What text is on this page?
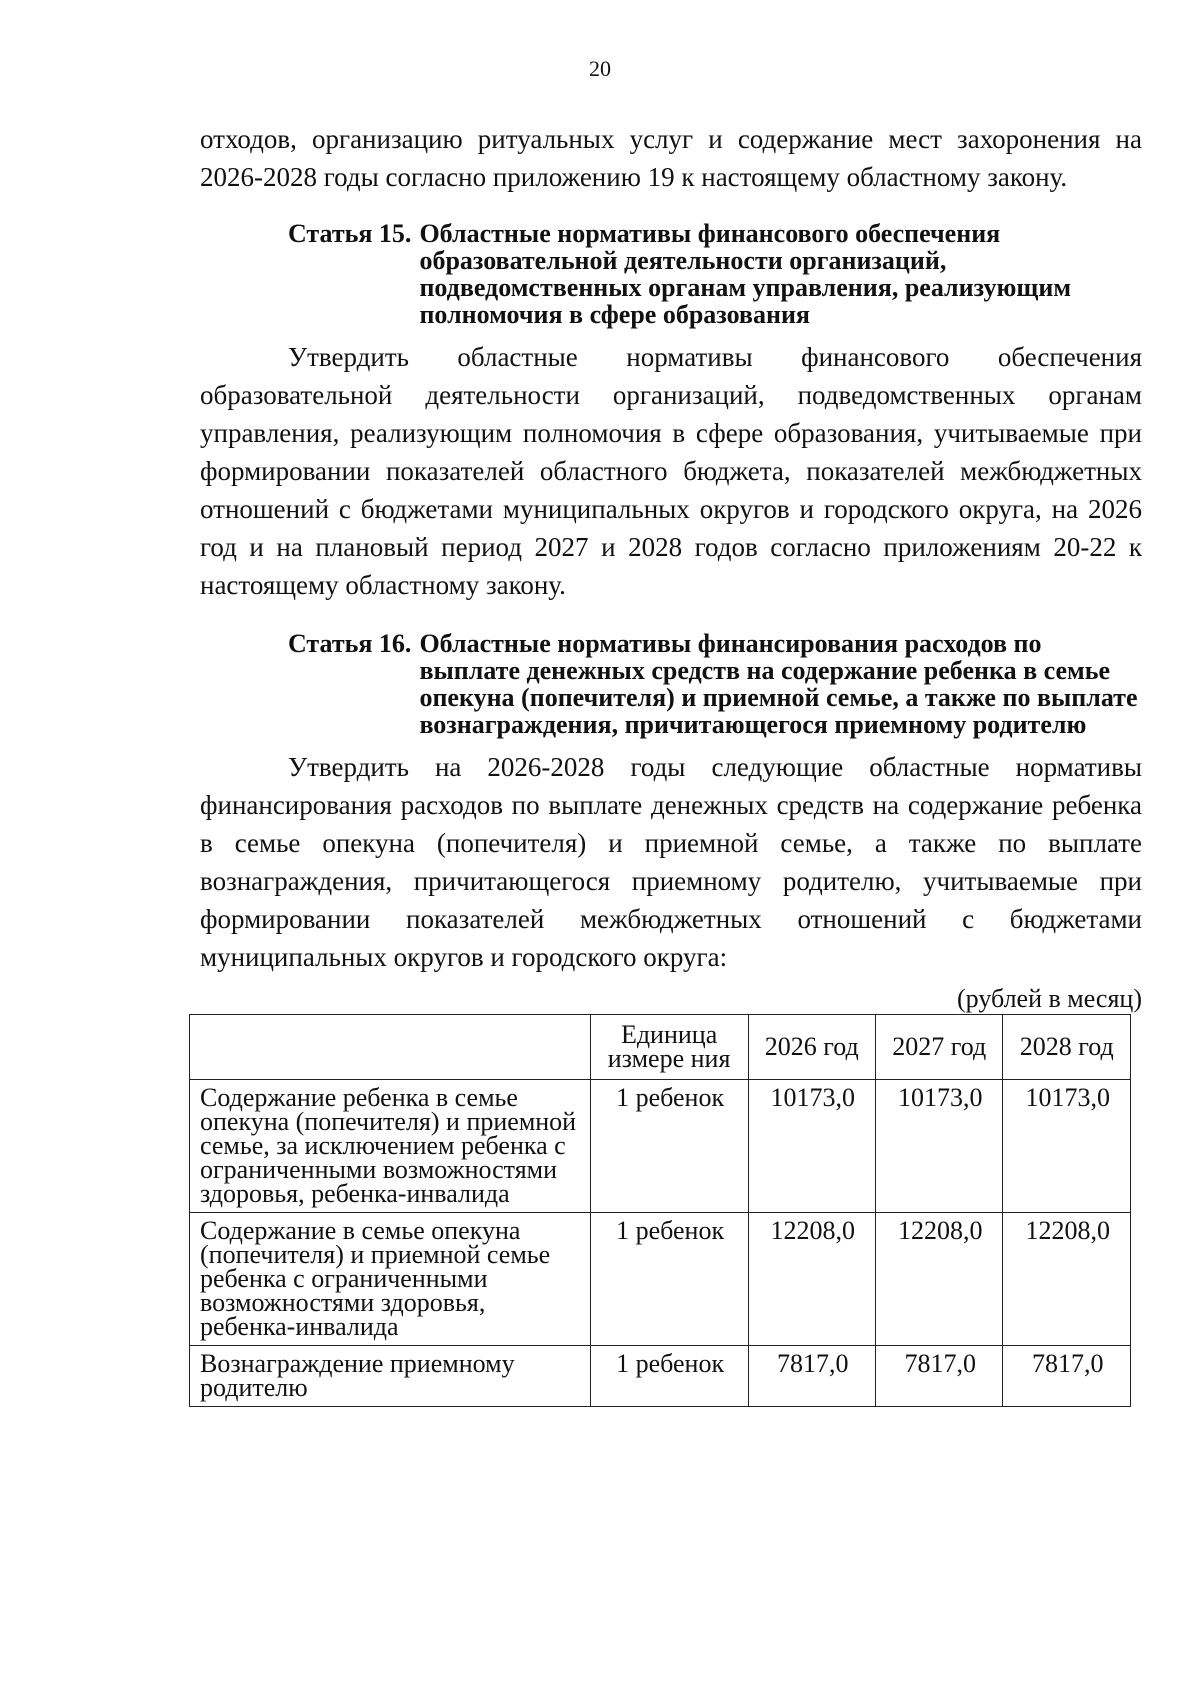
20

отходов, организацию ритуальных услуг и содержание мест захоронения на 2026-2028 годы согласно приложению 19 к настоящему областному закону.

Статья 15. Областные нормативы финансового обеспечения образовательной деятельности организаций, подведомственных органам управления, реализующим полномочия в сфере образования

Утвердить областные нормативы финансового обеспечения образовательной деятельности организаций, подведомственных органам управления, реализующим полномочия в сфере образования, учитываемые при формировании показателей областного бюджета, показателей межбюджетных отношений с бюджетами муниципальных округов и городского округа, на 2026 год и на плановый период 2027 и 2028 годов согласно приложениям 20-22 к настоящему областному закону.

Статья 16. Областные нормативы финансирования расходов по выплате денежных средств на содержание ребенка в семье опекуна (попечителя) и приемной семье, а также по выплате вознаграждения, причитающегося приемному родителю

Утвердить на 2026-2028 годы следующие областные нормативы финансирования расходов по выплате денежных средств на содержание ребенка в семье опекуна (попечителя) и приемной семье, а также по выплате вознаграждения, причитающегося приемному родителю, учитываемые при формировании показателей межбюджетных отношений с бюджетами муниципальных округов и городского округа:

(рублей в месяц)
	Единица измере ния	2026 год	2027 год	2028 год
Содержание ребенка в семье опекуна (попечителя) и приемной семье, за исключением ребенка с ограниченными возможностями здоровья, ребенка-инвалида	1 ребенок	10173,0	10173,0	10173,0
Содержание в семье опекуна (попечителя) и приемной семье ребенка с ограниченными возможностями здоровья, ребенка-инвалида	1 ребенок	12208,0	12208,0	12208,0
Вознаграждение приемному родителю	1 ребенок	7817,0	7817,0	7817,0
